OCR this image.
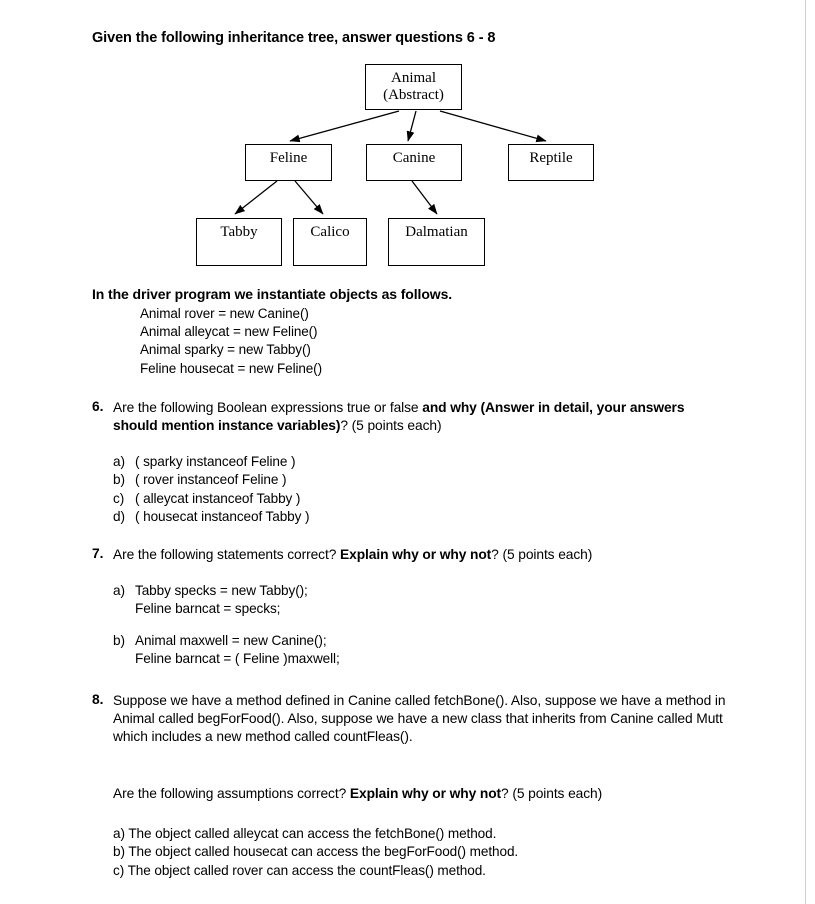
Given the following inheritance tree, answer questions 6 - 8
Animal
(Abstract)
Feline	Canine	Reptile
Tabby	Calico	Dalmatian
In the driver program we instantiate objects as follows.
Animal rover = new Canine()
Animal alleycat = new Feline()
Animal sparky = new Tabby()
Feline housecat = new Feline()
6. Are the following Boolean expressions true or false and why (Answer in detail, your answers should mention instance variables)? (5 points each)
a) ( sparky instanceof Feline )
b) ( rover instanceof Feline )
c) ( alleycat instanceof Tabby )
d) ( housecat instanceof Tabby )
7. Are the following statements correct? Explain why or why not? (5 points each)
a) Tabby specks = new Tabby();
Feline barncat = specks;
b) Animal maxwell = new Canine();
Feline barncat = ( Feline )maxwell;
8. Suppose we have a method defined in Canine called fetchBone(). Also, suppose we have a method in Animal called begForFood(). Also, suppose we have a new class that inherits from Canine called Mutt which includes a new method called countFleas().
Are the following assumptions correct? Explain why or why not? (5 points each)
a) The object called alleycat can access the fetchBone() method.
b) The object called housecat can access the begForFood() method.
c) The object called rover can access the countFleas() method.
